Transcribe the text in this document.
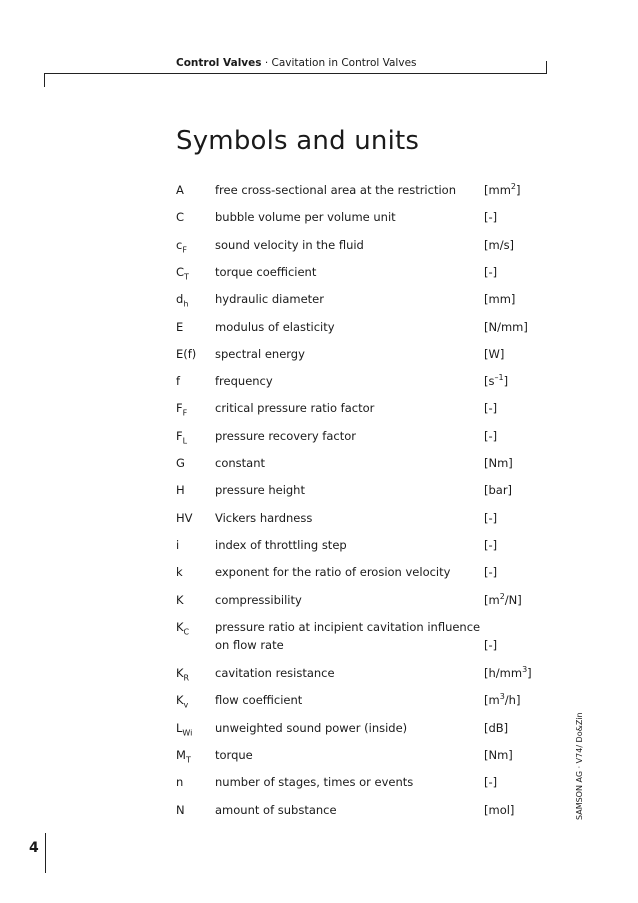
Control Valves · Cavitation in Control Valves
Symbols and units
A	free cross-sectional area at the restriction $[mm^2]$
C	bubble volume per volume unit	[-]
$c_F$ sound velocity in the fluid	[m/s]
$C_T$ torque coefficient	[-]
$d_h$ hydraulic diameter	[mm]
E	modulus of elasticity	[N/mm]
E(f) spectral energy	[W]
f	frequency	$[s^{-1}]$
$F_F$ critical pressure ratio factor	[-]
$F_L$ pressure recovery factor	[-]
G	constant	[Nm]
H	pressure height	[bar]
HV Vickers hardness	[-]
i	index of throttling step	[-]
k	exponent for the ratio of erosion velocity	[-]
K	compressibility	$[m^2/N]$
$K_C$ pressure ratio at incipient cavitation influence
on flow rate	[-]
$K_R$ cavitation resistance	$[h/mm^3]$
$K_v$ flow coefficient	$[m^3/h]$
$L_{Wi}$ unweighted sound power (inside)	[dB]
$M_T$ torque	[Nm]
n	number of stages, times or events	[-]
N	amount of substance	[mol]	SAMSON AG · V74/ Do&Zin
4
